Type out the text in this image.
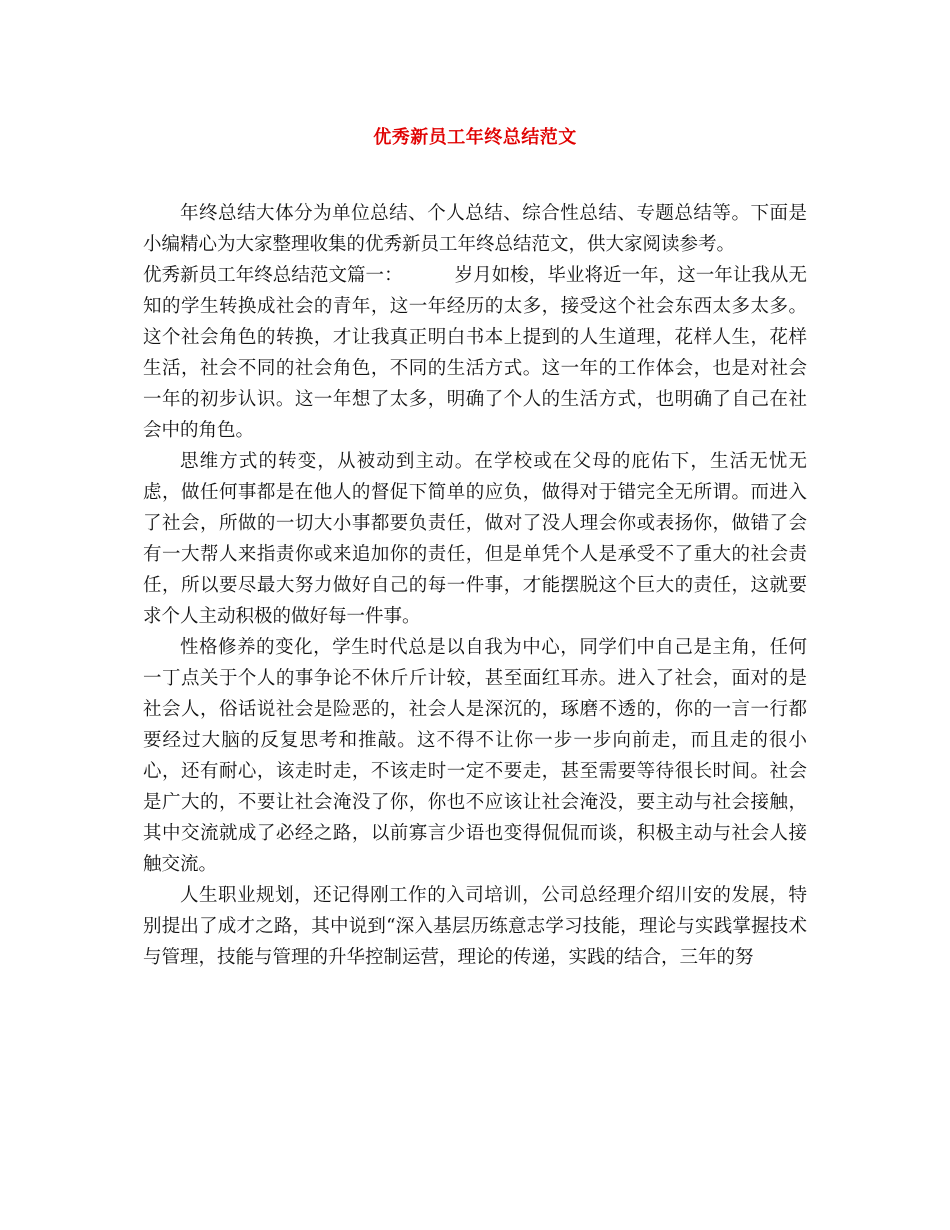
优秀新员工年终总结范文

年终总结大体分为单位总结、个人总结、综合性总结、专题总结等。下面是小编精心为大家整理收集的优秀新员工年终总结范文，供大家阅读参考。

优秀新员工年终总结范文篇一：	岁月如梭，毕业将近一年，这一年让我从无知的学生转换成社会的青年，这一年经历的太多，接受这个社会东西太多太多。这个社会角色的转换，才让我真正明白书本上提到的人生道理，花样人生，花样生活，社会不同的社会角色，不同的生活方式。这一年的工作体会，也是对社会一年的初步认识。这一年想了太多，明确了个人的生活方式，也明确了自己在社会中的角色。

思维方式的转变，从被动到主动。在学校或在父母的庇佑下，生活无忧无虑，做任何事都是在他人的督促下简单的应负，做得对于错完全无所谓。而进入了社会，所做的一切大小事都要负责任，做对了没人理会你或表扬你，做错了会有一大帮人来指责你或来追加你的责任，但是单凭个人是承受不了重大的社会责任，所以要尽最大努力做好自己的每一件事，才能摆脱这个巨大的责任，这就要求个人主动积极的做好每一件事。

性格修养的变化，学生时代总是以自我为中心，同学们中自己是主角，任何一丁点关于个人的事争论不休斤斤计较，甚至面红耳赤。进入了社会，面对的是社会人，俗话说社会是险恶的，社会人是深沉的，琢磨不透的，你的一言一行都要经过大脑的反复思考和推敲。这不得不让你一步一步向前走，而且走的很小心，还有耐心，该走时走，不该走时一定不要走，甚至需要等待很长时间。社会是广大的，不要让社会淹没了你，你也不应该让社会淹没，要主动与社会接触，其中交流就成了必经之路，以前寡言少语也变得侃侃而谈，积极主动与社会人接触交流。

人生职业规划，还记得刚工作的入司培训，公司总经理介绍川安的发展，特别提出了成才之路，其中说到“深入基层历练意志学习技能，理论与实践掌握技术与管理，技能与管理的升华控制运营，理论的传递，实践的结合，三年的努
